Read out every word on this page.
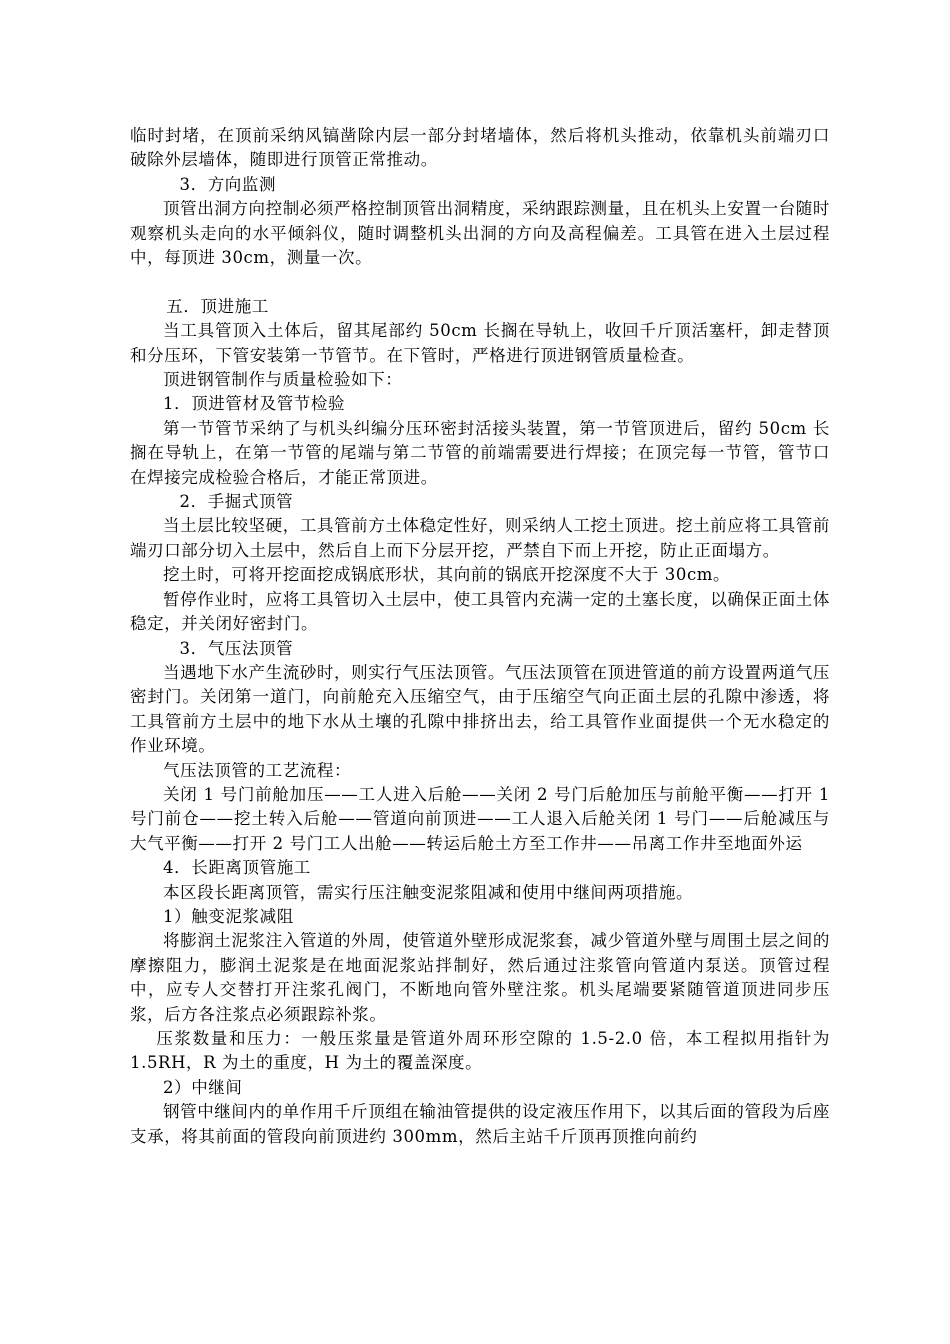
临时封堵，在顶前采纳风镐凿除内层一部分封堵墙体，然后将机头推动，依靠机头前端刃口破除外层墙体，随即进行顶管正常推动。

3．方向监测

顶管出洞方向控制必须严格控制顶管出洞精度，采纳跟踪测量，且在机头上安置一台随时观察机头走向的水平倾斜仪，随时调整机头出洞的方向及高程偏差。工具管在进入土层过程中，每顶进 30cm，测量一次。

五．顶进施工

当工具管顶入土体后，留其尾部约 50cm 长搁在导轨上，收回千斤顶活塞杆，卸走替顶和分压环，下管安装第一节管节。在下管时，严格进行顶进钢管质量检查。

顶进钢管制作与质量检验如下：

1．顶进管材及管节检验

第一节管节采纳了与机头纠编分压环密封活接头装置，第一节管顶进后，留约 50cm 长搁在导轨上，在第一节管的尾端与第二节管的前端需要进行焊接；在顶完每一节管，管节口在焊接完成检验合格后，才能正常顶进。

2．手掘式顶管

当土层比较坚硬，工具管前方土体稳定性好，则采纳人工挖土顶进。挖土前应将工具管前端刃口部分切入土层中，然后自上而下分层开挖，严禁自下而上开挖，防止正面塌方。

挖土时，可将开挖面挖成锅底形状，其向前的锅底开挖深度不大于 30cm。

暂停作业时，应将工具管切入土层中，使工具管内充满一定的土塞长度，以确保正面土体稳定，并关闭好密封门。

3．气压法顶管

当遇地下水产生流砂时，则实行气压法顶管。气压法顶管在顶进管道的前方设置两道气压密封门。关闭第一道门，向前舱充入压缩空气，由于压缩空气向正面土层的孔隙中渗透，将工具管前方土层中的地下水从土壤的孔隙中排挤出去，给工具管作业面提供一个无水稳定的作业环境。

气压法顶管的工艺流程：

关闭 1 号门前舱加压——工人进入后舱——关闭 2 号门后舱加压与前舱平衡——打开 1 号门前仓——挖土转入后舱——管道向前顶进——工人退入后舱关闭 1 号门——后舱减压与大气平衡——打开 2 号门工人出舱——转运后舱土方至工作井——吊离工作井至地面外运

4．长距离顶管施工

本区段长距离顶管，需实行压注触变泥浆阻减和使用中继间两项措施。

1）触变泥浆减阻

将膨润土泥浆注入管道的外周，使管道外壁形成泥浆套，减少管道外壁与周围土层之间的摩擦阻力，膨润土泥浆是在地面泥浆站拌制好，然后通过注浆管向管道内泵送。顶管过程中，应专人交替打开注浆孔阀门，不断地向管外壁注浆。机头尾端要紧随管道顶进同步压浆，后方各注浆点必须跟踪补浆。

压浆数量和压力：一般压浆量是管道外周环形空隙的 1.5-2.0 倍，本工程拟用指针为 1.5RH，R 为土的重度，H 为土的覆盖深度。

2）中继间

钢管中继间内的单作用千斤顶组在输油管提供的设定液压作用下，以其后面的管段为后座支承，将其前面的管段向前顶进约 300mm，然后主站千斤顶再顶推向前约
